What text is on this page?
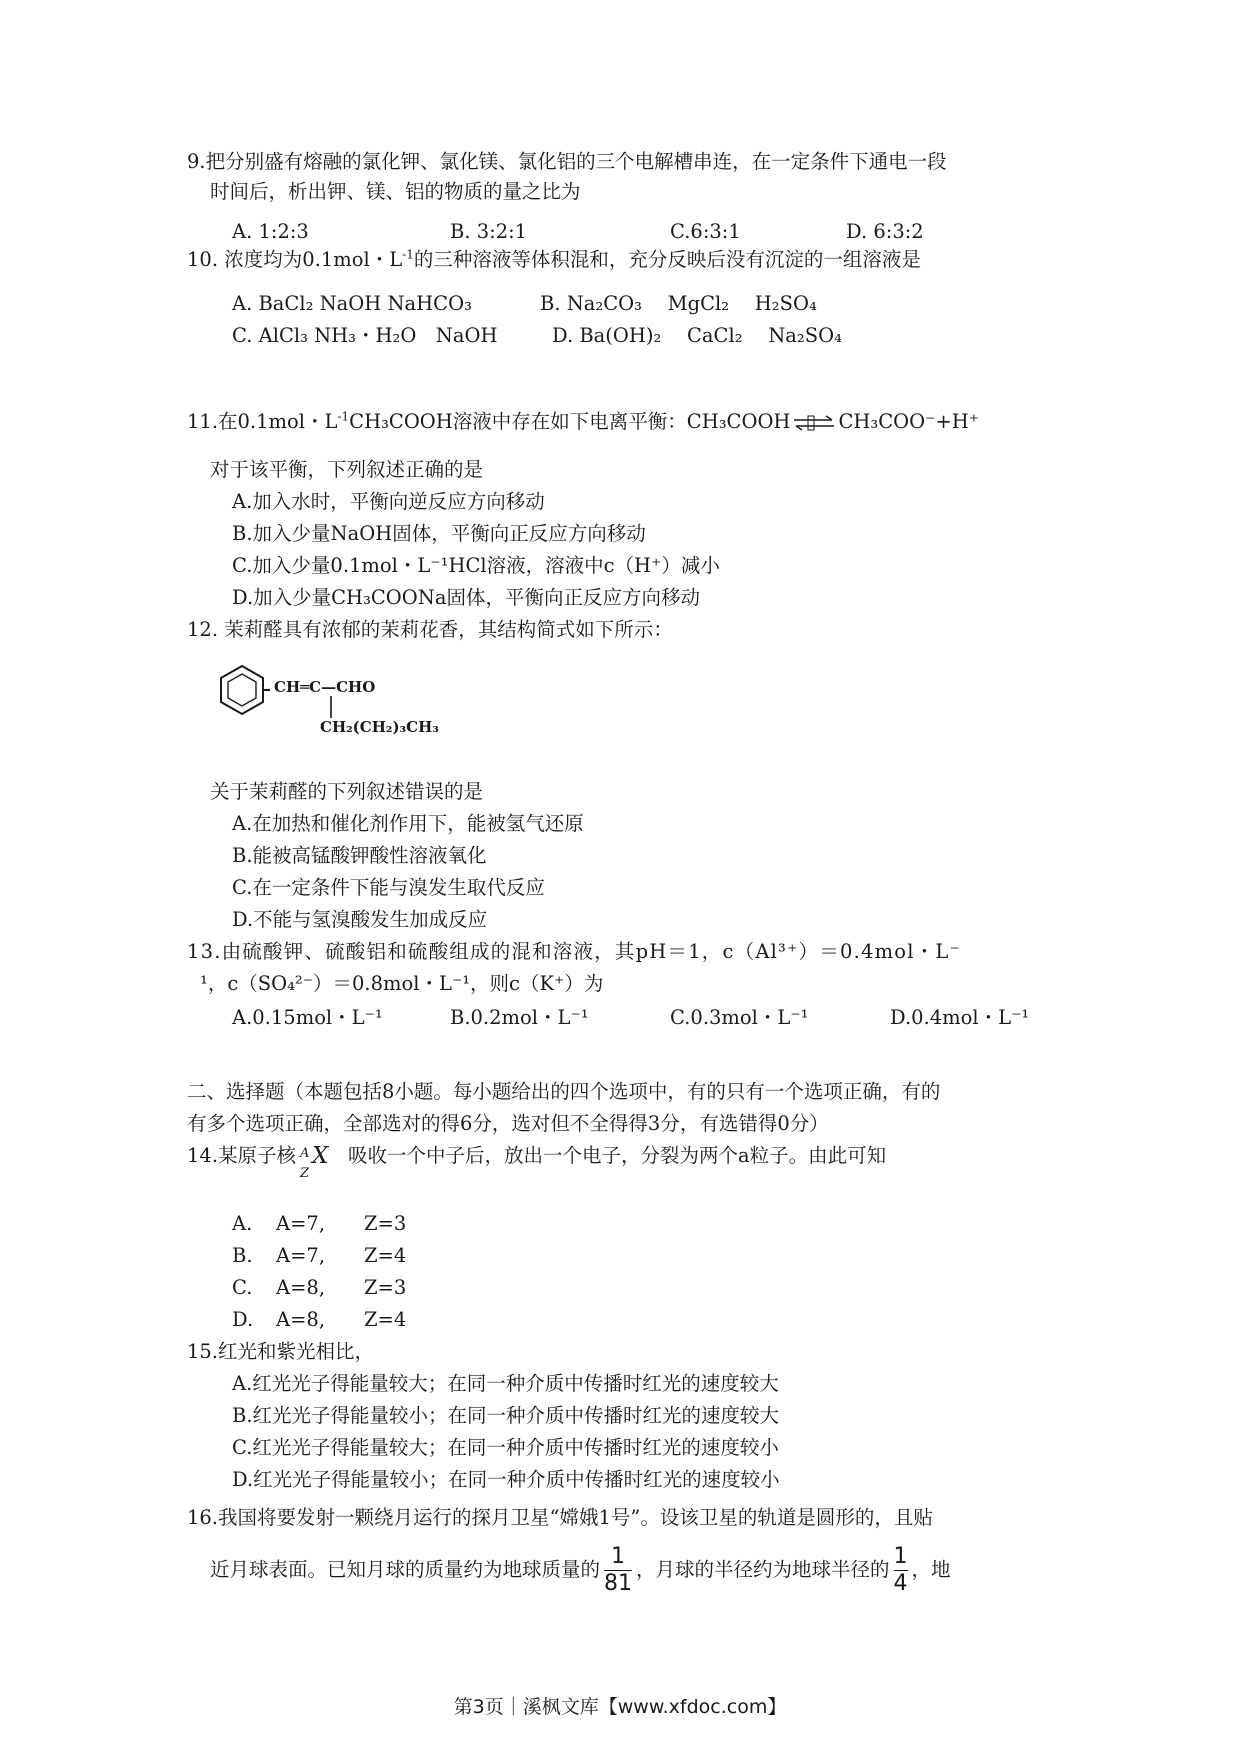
9.把分别盛有熔融的氯化钾、氯化镁、氯化铝的三个电解槽串连，在一定条件下通电一段
时间后，析出钾、镁、铝的物质的量之比为
A. 1:2:3	B. 3:2:1	C.6:3:1	D. 6:3:2
10. 浓度均为0.1mol・$L^{-1}$的三种溶液等体积混和，充分反映后没有沉淀的一组溶液是
A. BaCl₂ NaOH NaHCO₃	B. Na₂CO₃　 MgCl₂　 H₂SO₄
C. AlCl₃ NH₃・H₂O　NaOH	D. Ba(OH)₂　 CaCl₂　 Na₂SO₄
11.在0.1mol・$L^{-1}CH_3COOH$溶液中存在如下电离平衡：CH₃COOH ⇌ CH₃COO⁻+H⁺
对于该平衡，下列叙述正确的是
A.加入水时，平衡向逆反应方向移动
B.加入少量NaOH固体，平衡向正反应方向移动
C.加入少量0.1mol・L⁻¹HCl溶液，溶液中c（H⁺）减小
D.加入少量CH₃COONa固体，平衡向正反应方向移动
12. 茉莉醛具有浓郁的茉莉花香，其结构简式如下所示：
CH═C—CHO
CH₂(CH₂)₃CH₃
关于茉莉醛的下列叙述错误的是
A.在加热和催化剂作用下，能被氢气还原
B.能被高锰酸钾酸性溶液氧化
C.在一定条件下能与溴发生取代反应
D.不能与氢溴酸发生加成反应
13.由硫酸钾、硫酸铝和硫酸组成的混和溶液，其pH＝1，c（Al³⁺）＝0.4mol・L⁻
¹，c（SO₄²⁻）＝0.8mol・L⁻¹，则c（K⁺）为
A.0.15mol・L⁻¹	B.0.2mol・L⁻¹	C.0.3mol・L⁻¹	D.0.4mol・L⁻¹
二、选择题（本题包括8小题。每小题给出的四个选项中，有的只有一个选项正确，有的
有多个选项正确，全部选对的得6分，选对但不全得得3分，有选错得0分）
14.某原子核 A
Z
X 吸收一个中子后，放出一个电子，分裂为两个a粒子。由此可知
A. A=7, Z=3
B. A=7, Z=4
C. A=8, Z=3
D. A=8, Z=4
15.红光和紫光相比，
A.红光光子得能量较大；在同一种介质中传播时红光的速度较大
B.红光光子得能量较小；在同一种介质中传播时红光的速度较大
C.红光光子得能量较大；在同一种介质中传播时红光的速度较小
D.红光光子得能量较小；在同一种介质中传播时红光的速度较小
16.我国将要发射一颗绕月运行的探月卫星“嫦娥1号”。设该卫星的轨道是圆形的，且贴
近月球表面。已知月球的质量约为地球质量的 $\frac{1}{81}$ ，月球的半径约为地球半径的 $\frac{1}{4}$ ，地
第3页｜溪枫文库【www.xfdoc.com】
